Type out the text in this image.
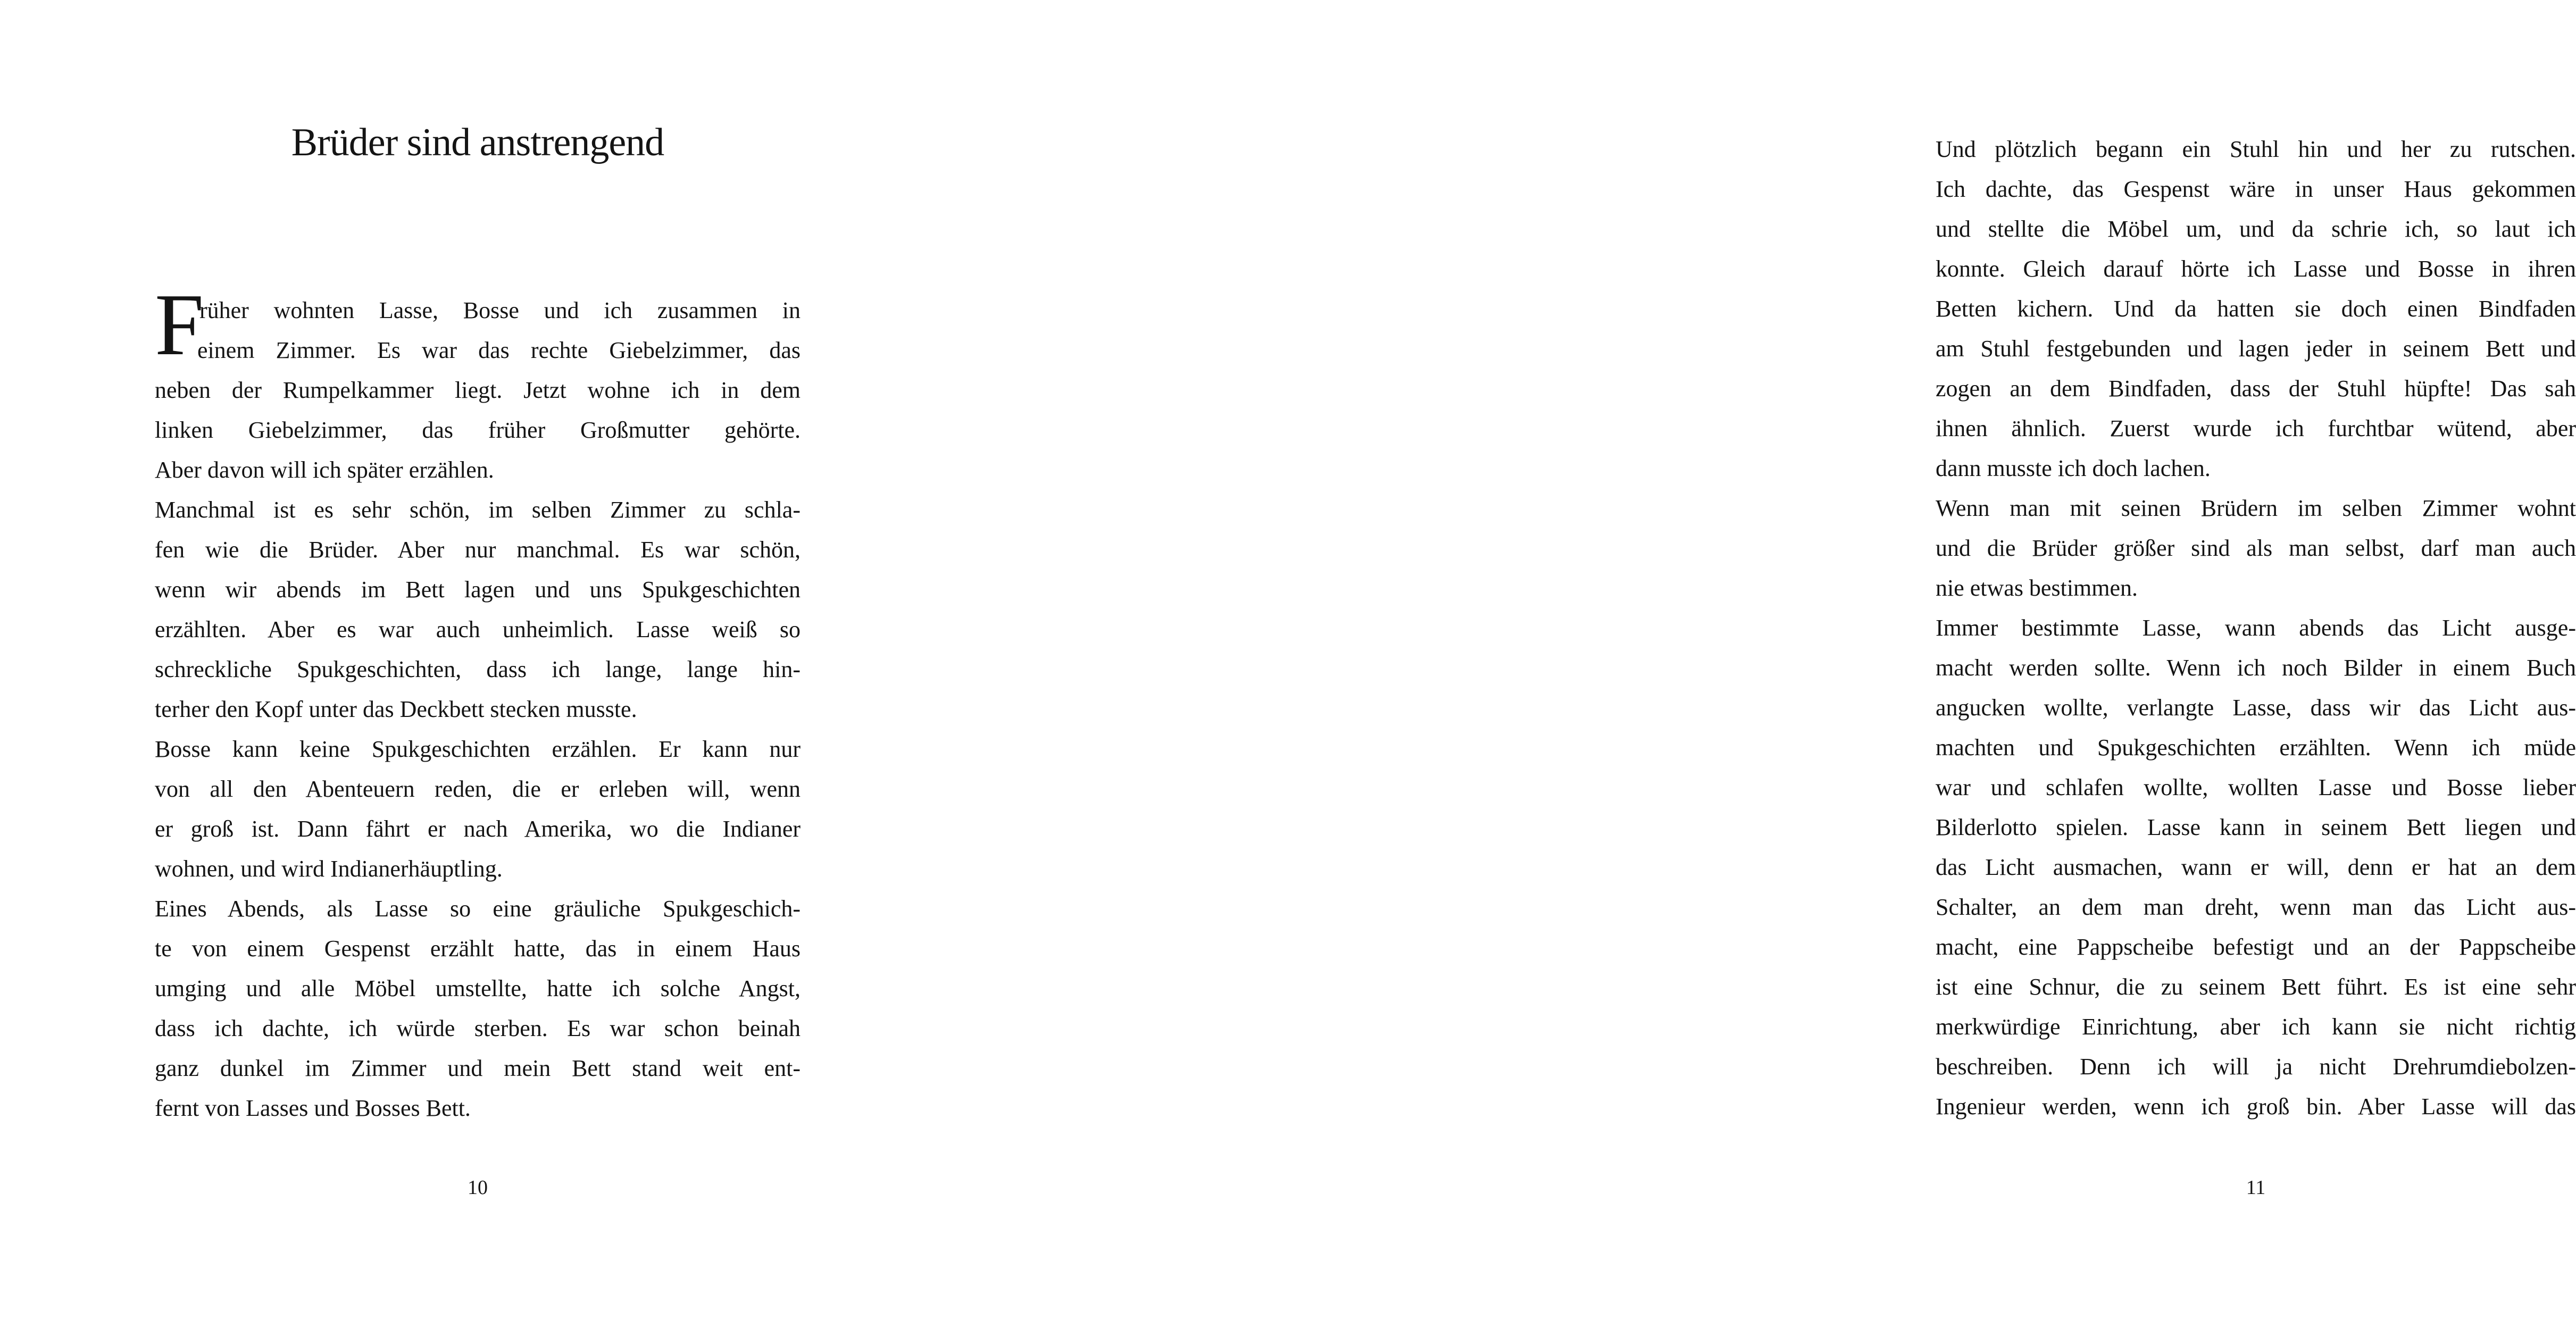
Brüder sind anstrengend
F
rüher wohnten Lasse, Bosse und ich zusammen in
einem Zimmer. Es war das rechte Giebelzimmer, das
neben der Rumpelkammer liegt. Jetzt wohne ich in dem
linken Giebelzimmer, das früher Großmutter gehörte.
Aber davon will ich später erzählen.
Manchmal ist es sehr schön, im selben Zimmer zu schla-
fen wie die Brüder. Aber nur manchmal. Es war schön,
wenn wir abends im Bett lagen und uns Spukgeschichten
erzählten. Aber es war auch unheimlich. Lasse weiß so
schreckliche Spukgeschichten, dass ich lange, lange hin-
terher den Kopf unter das Deckbett stecken musste.
Bosse kann keine Spukgeschichten erzählen. Er kann nur
von all den Abenteuern reden, die er erleben will, wenn
er groß ist. Dann fährt er nach Amerika, wo die Indianer
wohnen, und wird Indianerhäuptling.
Eines Abends, als Lasse so eine gräuliche Spukgeschich-
te von einem Gespenst erzählt hatte, das in einem Haus
umging und alle Möbel umstellte, hatte ich solche Angst,
dass ich dachte, ich würde sterben. Es war schon beinah
ganz dunkel im Zimmer und mein Bett stand weit ent-
fernt von Lasses und Bosses Bett.
10
Und plötzlich begann ein Stuhl hin und her zu rutschen.
Ich dachte, das Gespenst wäre in unser Haus gekommen
und stellte die Möbel um, und da schrie ich, so laut ich
konnte. Gleich darauf hörte ich Lasse und Bosse in ihren
Betten kichern. Und da hatten sie doch einen Bindfaden
am Stuhl festgebunden und lagen jeder in seinem Bett und
zogen an dem Bindfaden, dass der Stuhl hüpfte! Das sah
ihnen ähnlich. Zuerst wurde ich furchtbar wütend, aber
dann musste ich doch lachen.
Wenn man mit seinen Brüdern im selben Zimmer wohnt
und die Brüder größer sind als man selbst, darf man auch
nie etwas bestimmen.
Immer bestimmte Lasse, wann abends das Licht ausge-
macht werden sollte. Wenn ich noch Bilder in einem Buch
angucken wollte, verlangte Lasse, dass wir das Licht aus-
machten und Spukgeschichten erzählten. Wenn ich müde
war und schlafen wollte, wollten Lasse und Bosse lieber
Bilderlotto spielen. Lasse kann in seinem Bett liegen und
das Licht ausmachen, wann er will, denn er hat an dem
Schalter, an dem man dreht, wenn man das Licht aus-
macht, eine Pappscheibe befestigt und an der Pappscheibe
ist eine Schnur, die zu seinem Bett führt. Es ist eine sehr
merkwürdige Einrichtung, aber ich kann sie nicht richtig
beschreiben. Denn ich will ja nicht Drehrumdiebolzen-
Ingenieur werden, wenn ich groß bin. Aber Lasse will das
11
